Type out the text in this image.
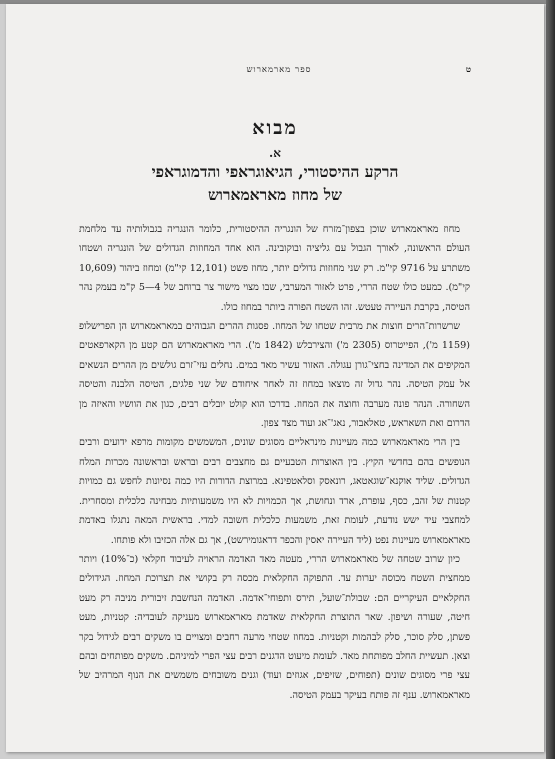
ט
ספר מארמארוש
מבוא
א.
הרקע ההיסטורי, הגיאוגראפי והדמוגראפי
של מחוז מאראמארוש

מחוז מאראמארוש שוכן בצפון־מזרח של הונגריה ההיסטורית, כלומר הונגריה בגבולותיה עד מלחמת העולם הראשונה, לאורך הגבול עם גליציה ובוקובינה. הוא אחד המחוזות הגדולים של הונגריה ושטחו משתרע על 9716 קי"מ. רק שני מחוזות גדולים יותר, מחוז פשט (12,101 קי"מ) ומחוז ביהור (10,609 קי"מ). כמעט כולו שטח הררי, פרט לאזור המערבי, שבו מצוי מישור צר ברוחב של 4—5 ק"מ בעמק נהר הטיסה, בקרבת העיירה טעטש. זהו השטח הפורה ביותר במחוז כולו.

שרשרות־הרים חוצות את מרבית שטחו של המחוז. פסגות ההרים הגבוהים במאראמארוש הן הפרישלופ (1159 מ'), הפייטרוס (2305 מ') והצירבלש (1842 מ'). הרי מאראמארוש הם קטע מן הקארפאטים המקיפים את המדינה בחצי־גורן עגולה. האזור עשיר מאד במים. נחלים עזי־זרם גולשים מן ההרים הנשאים אל עמק הטיסה. נהר גדול זה מוצאו במחוז זה לאחר איחודם של שני פלגים, הטיסה הלבנה והטיסה השחורה. הנהר פונה מערבה וחוצה את המחוז. בדרכו הוא קולט יובלים רבים, כגון את הוושיו והאיזה מן הדרום ואת השאראש, טאלאבור, נאג'־אג ועוד מצד צפון.

בין הרי מאראמארוש כמה מעיינות מינראליים מסוגים שונים, המשמשים מקומות מרפא ידועים ורבים הנופשים בהם בחדשי הקיץ. בין האוצרות הטבעיים גם מחצבים רבים ובראש ובראשונה מכרות המלח הגדולים. שליד אוקנא־שוגאטאג, רונאסק וסלאטפינא. במרוצת הדורות היו כמה נסיונות לחפש גם כמויות קטנות של זהב, כסף, עופרת, ארד ונחושת, אך הכמויות לא היו משמעותיות מבחינה כלכלית ומסחרית. למחצבי עיד ישש נודעת, לעומת זאת, משמעות כלכלית חשובה למדי. בראשית המאה נתגלו באדמת מאראמארוש מעיינות נפט (ליד העיירה יאסין והכפר דראגומירשט), אך גם אלה הכזיבו ולא פותחו.

כיון שרוב שטחה של מאראמארוש הררי, מעטה מאד האדמה הראויה לעיבוד חקלאי (כ־10%) ויותר ממחצית השטח מכוסה יערות עד. התפוקה החקלאית מכסה רק בקושי את תצרוכת המחוז. הגידולים החקלאיים העיקריים הם: שבולת־שועל, תירס ותפוחי־אדמה. האדמה הנחשבת זיבורית מניבה רק מעט חיטה, שעורה ושיפון. שאר התוצרת החקלאית שאדמת מאראמארוש מעניקה לעובדיה: קטניות, מעט פשתן, סלק סוכר, סלק לבהמות וקטניות. במחוז שטחי מרעה רחבים ומצויים בו משקים רבים לגידול בקר וצאן. תעשיית החלב מפותחת מאד. לעומת מיעוט הדגנים רבים עצי הפרי למיניהם. משקים מפותחים ובהם עצי פרי מסוגים שונים (תפוחים, שזיפים, אגוזים ועוד) וגנים משובחים משמשים את הנוף המרהיב של מאראמארוש. ענף זה פותח בעיקר בעמק הטיסה.
